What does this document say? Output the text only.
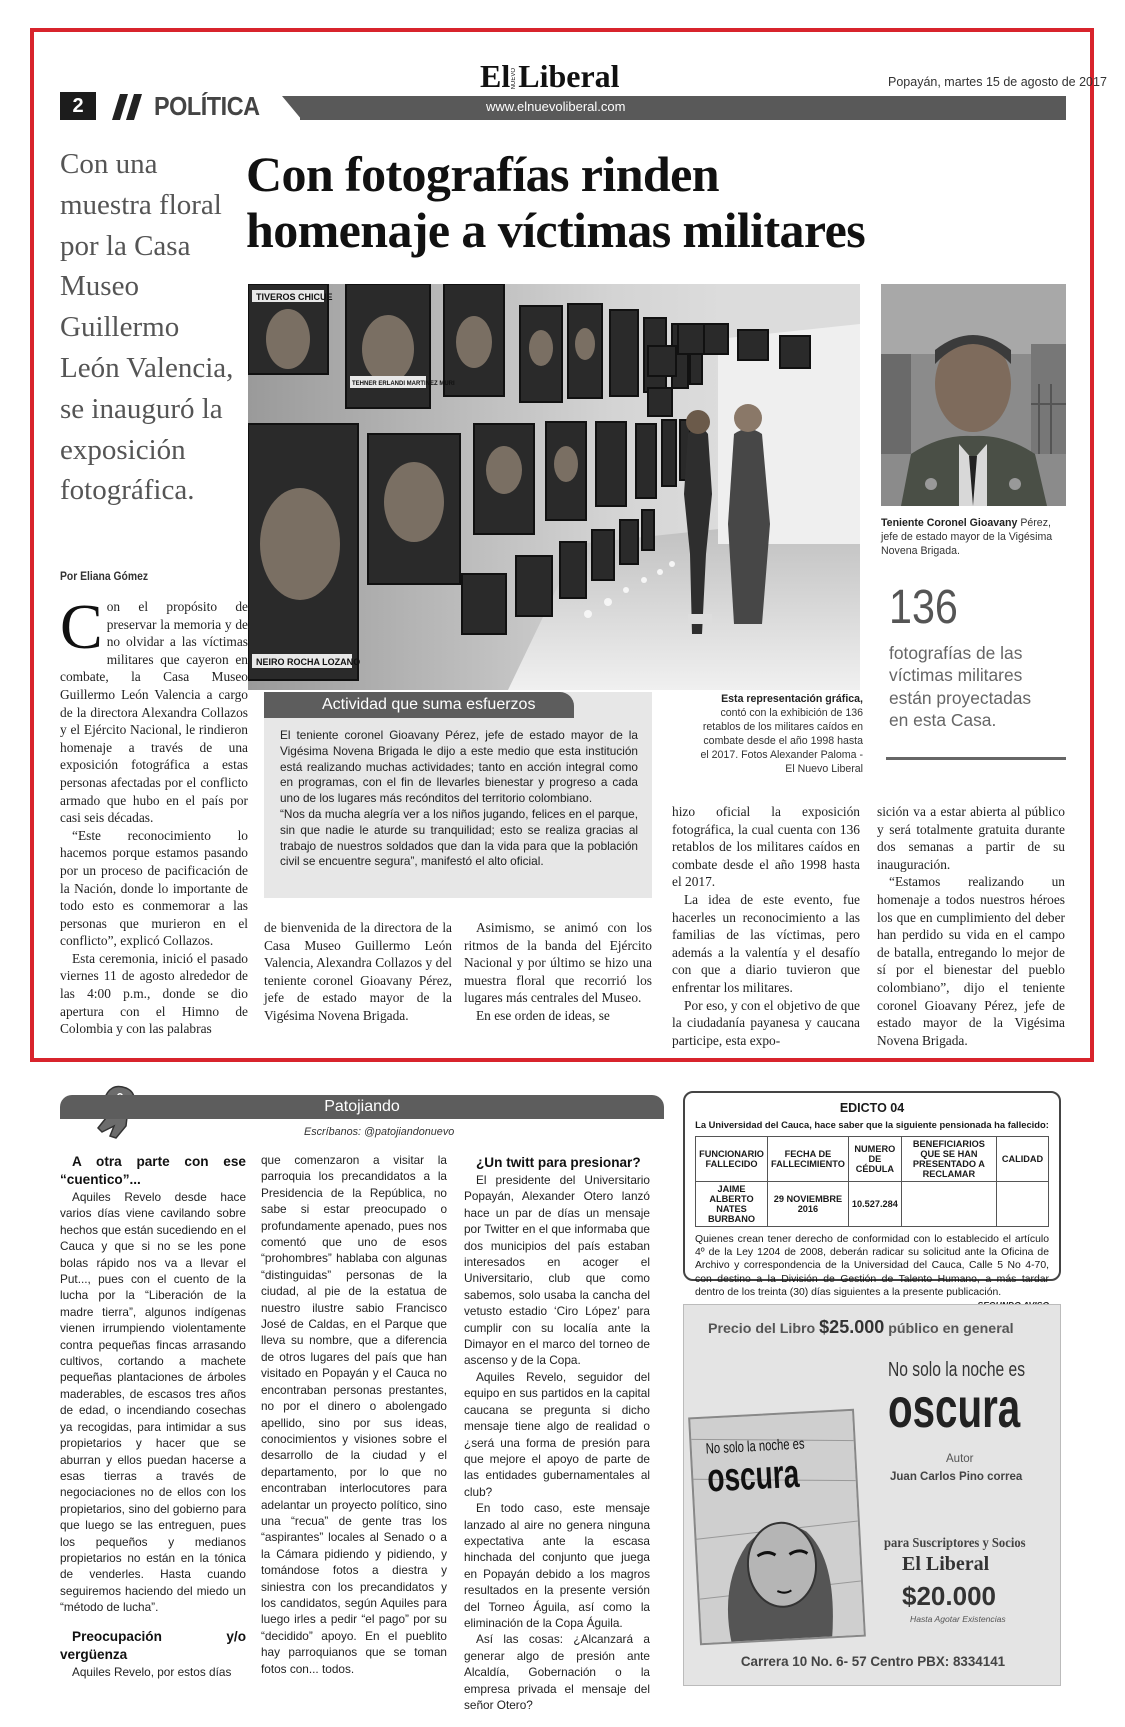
2	POLÍTICA	www.elnuevoliberal.com
El NUEVO Liberal	Popayán, martes 15 de agosto de 2017
Con fotografías rinden
homenaje a víctimas militares
Con una muestra floral por la Casa Museo Guillermo León Valencia, se inauguró la exposición fotográfica.
Por Eliana Gómez

Con el propósito de preservar la memoria y de no olvidar a las víctimas militares que cayeron en combate, la Casa Museo Guillermo León Valencia a cargo de la directora Alexandra Collazos y el Ejército Nacional, le rindieron homenaje a través de una exposición fotográfica a estas personas afectadas por el conflicto armado que hubo en el país por casi seis décadas.

“Este reconocimiento lo hacemos porque estamos pasando por un proceso de pacificación de la Nación, donde lo importante de todo esto es conmemorar a las personas que murieron en el conflicto”, explicó Collazos.

Esta ceremonia, inició el pasado viernes 11 de agosto alrededor de las 4:00 p.m., donde se dio apertura con el Himno de Colombia y con las palabras

TIVEROS CHICUE
TEHNER ERLANDI MARTINEZ MURI
NEIRO ROCHA LOZANO
Teniente Coronel Gioavany Pérez, jefe de estado mayor de la Vigésima Novena Brigada.
136
fotografías de las víctimas militares están proyectadas en esta Casa.
Esta representación gráfica, contó con la exhibición de 136 retablos de los militares caídos en combate desde el año 1998 hasta el 2017. Fotos Alexander Paloma - El Nuevo Liberal
Actividad que suma esfuerzos

El teniente coronel Gioavany Pérez, jefe de estado mayor de la Vigésima Novena Brigada le dijo a este medio que esta institución está realizando muchas actividades; tanto en acción integral como en programas, con el fin de llevarles bienestar y progreso a cada uno de los lugares más recónditos del territorio colombiano.

“Nos da mucha alegría ver a los niños jugando, felices en el parque, sin que nadie le aturde su tranquilidad; esto se realiza gracias al trabajo de nuestros soldados que dan la vida para que la población civil se encuentre segura”, manifestó el alto oficial.

de bienvenida de la directora de la Casa Museo Guillermo León Valencia, Alexandra Collazos y del teniente coronel Gioavany Pérez, jefe de estado mayor de la Vigésima Novena Brigada.

Asimismo, se animó con los ritmos de la banda del Ejército Nacional y por último se hizo una muestra floral que recorrió los lugares más centrales del Museo.

En ese orden de ideas, se

hizo oficial la exposición fotográfica, la cual cuenta con 136 retablos de los militares caídos en combate desde el año 1998 hasta el 2017.

La idea de este evento, fue hacerles un reconocimiento a las familias de las víctimas, pero además a la valentía y el desafío con que a diario tuvieron que enfrentar los militares.

Por eso, y con el objetivo de que la ciudadanía payanesa y caucana participe, esta expo-

sición va a estar abierta al público y será totalmente gratuita durante dos semanas a partir de su inauguración.

“Estamos realizando un homenaje a todos nuestros héroes los que en cumplimiento del deber han perdido su vida en el campo de batalla, entregando lo mejor de sí por el bienestar del pueblo colombiano”, dijo el teniente coronel Gioavany Pérez, jefe de estado mayor de la Vigésima Novena Brigada.

Patojiando
Escríbanos: @patojiandonuevo
A otra parte con ese “cuentico”...

Aquiles Revelo desde hace varios días viene cavilando sobre hechos que están sucediendo en el Cauca y que si no se les pone bolas rápido nos va a llevar el Put..., pues con el cuento de la lucha por la “Liberación de la madre tierra”, algunos indígenas vienen irrumpiendo violentamente contra pequeñas fincas arrasando cultivos, cortando a machete pequeñas plantaciones de árboles maderables, de escasos tres años de edad, o incendiando cosechas ya recogidas, para intimidar a sus propietarios y hacer que se aburran y ellos puedan hacerse a esas tierras a través de negociaciones no de ellos con los propietarios, sino del gobierno para que luego se las entreguen, pues los pequeños y medianos propietarios no están en la tónica de venderles. Hasta cuando seguiremos haciendo del miedo un “método de lucha”.

Preocupación y/o vergüenza

Aquiles Revelo, por estos días

que comenzaron a visitar la parroquia los precandidatos a la Presidencia de la República, no sabe si estar preocupado o profundamente apenado, pues nos comentó que uno de esos “prohombres” hablaba con algunas “distinguidas” personas de la ciudad, al pie de la estatua de nuestro ilustre sabio Francisco José de Caldas, en el Parque que lleva su nombre, que a diferencia de otros lugares del país que han visitado en Popayán y el Cauca no encontraban personas prestantes, no por el dinero o abolengado apellido, sino por sus ideas, conocimientos y visiones sobre el desarrollo de la ciudad y el departamento, por lo que no encontraban interlocutores para adelantar un proyecto político, sino una “recua” de gente tras los “aspirantes” locales al Senado o a la Cámara pidiendo y pidiendo, y tomándose fotos a diestra y siniestra con los precandidatos y los candidatos, según Aquiles para luego irles a pedir “el pago” por su “decidido” apoyo. En el pueblito hay parroquianos que se toman fotos con... todos.

¿Un twitt para presionar?

El presidente del Universitario Popayán, Alexander Otero lanzó hace un par de días un mensaje por Twitter en el que informaba que dos municipios del país estaban interesados en acoger el Universitario, club que como sabemos, solo usaba la cancha del vetusto estadio ‘Ciro López’ para cumplir con su localía ante la Dimayor en el marco del torneo de ascenso y de la Copa.

Aquiles Revelo, seguidor del equipo en sus partidos en la capital caucana se pregunta si dicho mensaje tiene algo de realidad o ¿será una forma de presión para que mejore el apoyo de parte de las entidades gubernamentales al club?

En todo caso, este mensaje lanzado al aire no genera ninguna expectativa ante la escasa hinchada del conjunto que juega en Popayán debido a los magros resultados en la presente versión del Torneo Águila, así como la eliminación de la Copa Águila.

Así las cosas: ¿Alcanzará a generar algo de presión ante Alcaldía, Gobernación o la empresa privada el mensaje del señor Otero?

EDICTO 04
La Universidad del Cauca, hace saber que la siguiente pensionada ha fallecido:
FUNCIONARIO FALLECIDO	FECHA DE FALLECIMIENTO	NUMERO DE CÉDULA	BENEFICIARIOS QUE SE HAN PRESENTADO A RECLAMAR	CALIDAD
JAIME ALBERTO NATES BURBANO	29 NOVIEMBRE 2016	10.527.284		
Quienes crean tener derecho de conformidad con lo establecido el artículo 4º de la Ley 1204 de 2008, deberán radicar su solicitud ante la Oficina de Archivo y correspondencia de la Universidad del Cauca, Calle 5 No 4-70, con destino a la División de Gestión de Talento Humano, a más tardar dentro de los treinta (30) días siguientes a la presente publicación.
Precio del Libro $25.000 público en general
No solo la noche es
oscura
No solo la noche es
oscura	Autor
Juan Carlos Pino correa
para Suscriptores y Socios
El Liberal
$20.000
Hasta Agotar Existencias
Carrera 10 No. 6- 57 Centro PBX: 8334141
